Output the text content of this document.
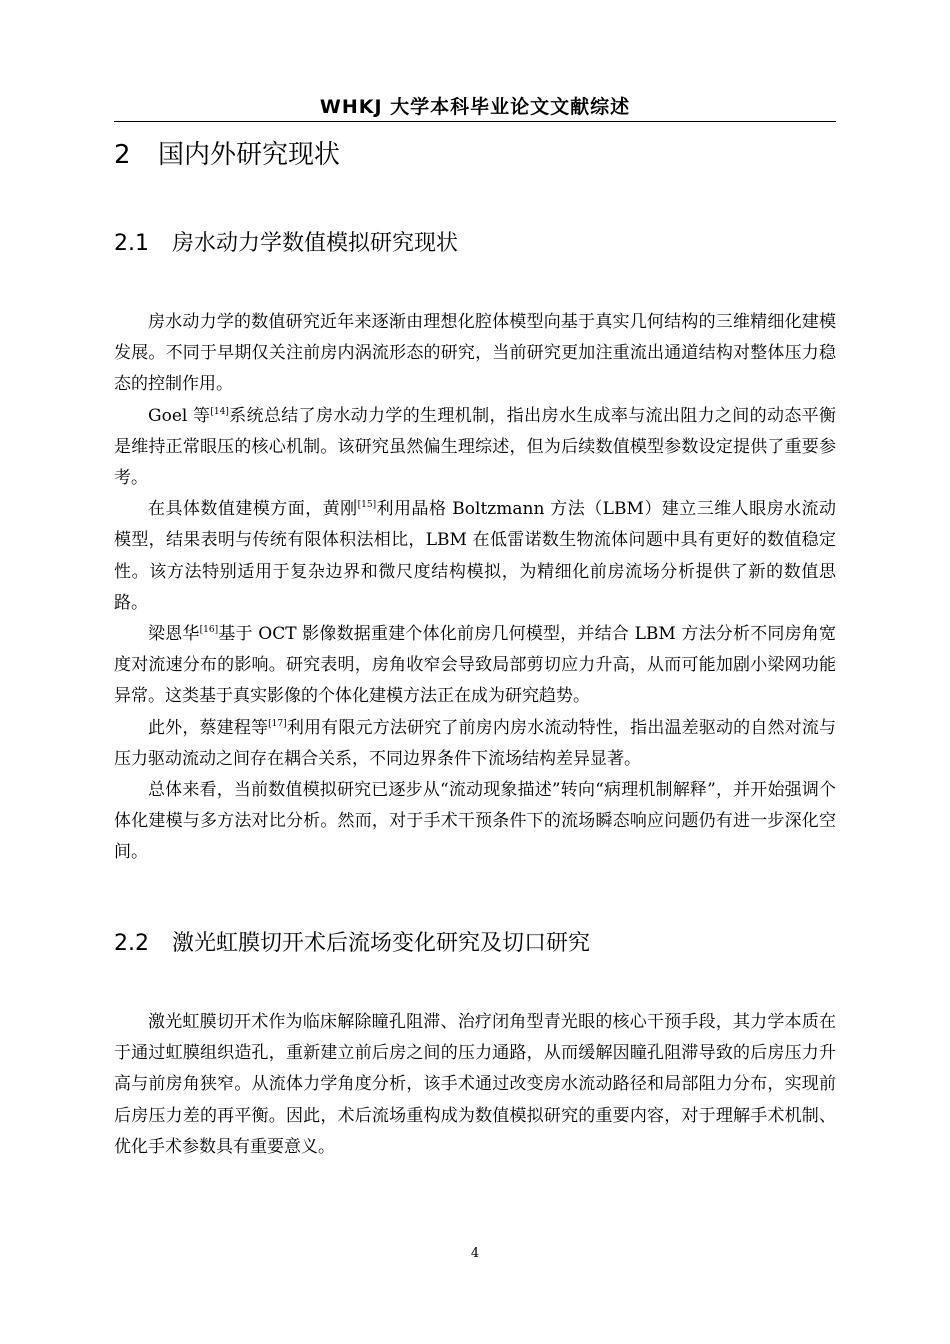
WHKJ 大学本科毕业论文文献综述
2 国内外研究现状
2.1 房水动力学数值模拟研究现状

房水动力学的数值研究近年来逐渐由理想化腔体模型向基于真实几何结构的三维精细化建模发展。不同于早期仅关注前房内涡流形态的研究，当前研究更加注重流出通道结构对整体压力稳态的控制作用。

Goel 等[14]系统总结了房水动力学的生理机制，指出房水生成率与流出阻力之间的动态平衡是维持正常眼压的核心机制。该研究虽然偏生理综述，但为后续数值模型参数设定提供了重要参考。

在具体数值建模方面，黄刚[15]利用晶格 Boltzmann 方法（LBM）建立三维人眼房水流动模型，结果表明与传统有限体积法相比，LBM 在低雷诺数生物流体问题中具有更好的数值稳定性。该方法特别适用于复杂边界和微尺度结构模拟，为精细化前房流场分析提供了新的数值思路。

梁恩华[16]基于 OCT 影像数据重建个体化前房几何模型，并结合 LBM 方法分析不同房角宽度对流速分布的影响。研究表明，房角收窄会导致局部剪切应力升高，从而可能加剧小梁网功能异常。这类基于真实影像的个体化建模方法正在成为研究趋势。

此外，蔡建程等[17]利用有限元方法研究了前房内房水流动特性，指出温差驱动的自然对流与压力驱动流动之间存在耦合关系，不同边界条件下流场结构差异显著。

总体来看，当前数值模拟研究已逐步从“流动现象描述”转向“病理机制解释”，并开始强调个体化建模与多方法对比分析。然而，对于手术干预条件下的流场瞬态响应问题仍有进一步深化空间。

2.2 激光虹膜切开术后流场变化研究及切口研究

激光虹膜切开术作为临床解除瞳孔阻滞、治疗闭角型青光眼的核心干预手段，其力学本质在于通过虹膜组织造孔，重新建立前后房之间的压力通路，从而缓解因瞳孔阻滞导致的后房压力升高与前房角狭窄。从流体力学角度分析，该手术通过改变房水流动路径和局部阻力分布，实现前后房压力差的再平衡。因此，术后流场重构成为数值模拟研究的重要内容，对于理解手术机制、优化手术参数具有重要意义。

4
